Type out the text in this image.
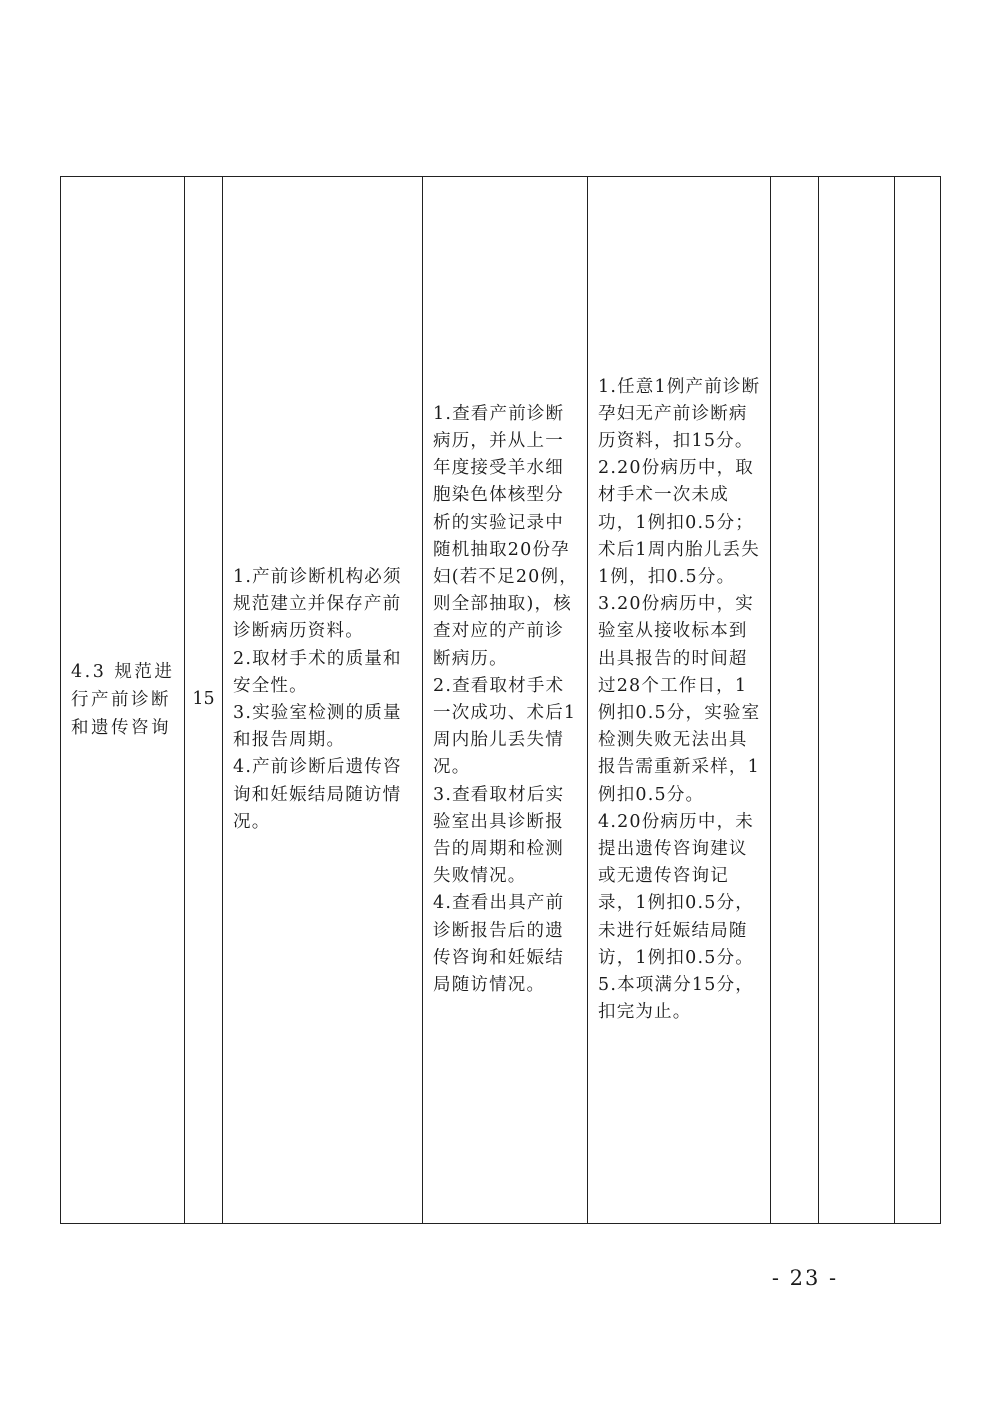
4.3 规范进行产前诊断和遗传咨询

15

1.产前诊断机构必须规范建立并保存产前诊断病历资料。
2.取材手术的质量和安全性。
3.实验室检测的质量和报告周期。
4.产前诊断后遗传咨询和妊娠结局随访情况。

1.查看产前诊断病历，并从上一年度接受羊水细胞染色体核型分析的实验记录中随机抽取20份孕妇(若不足20例，则全部抽取)，核查对应的产前诊断病历。
2.查看取材手术一次成功、术后1周内胎儿丢失情况。
3.查看取材后实验室出具诊断报告的周期和检测失败情况。
4.查看出具产前诊断报告后的遗传咨询和妊娠结局随访情况。

1.任意1例产前诊断孕妇无产前诊断病历资料，扣15分。
2.20份病历中，取材手术一次未成功，1例扣0.5分；术后1周内胎儿丢失1例，扣0.5分。
3.20份病历中，实验室从接收标本到出具报告的时间超过28个工作日，1例扣0.5分，实验室检测失败无法出具报告需重新采样，1例扣0.5分。
4.20份病历中，未提出遗传咨询建议或无遗传咨询记录，1例扣0.5分，未进行妊娠结局随访，1例扣0.5分。
5.本项满分15分，扣完为止。

- 23 -
